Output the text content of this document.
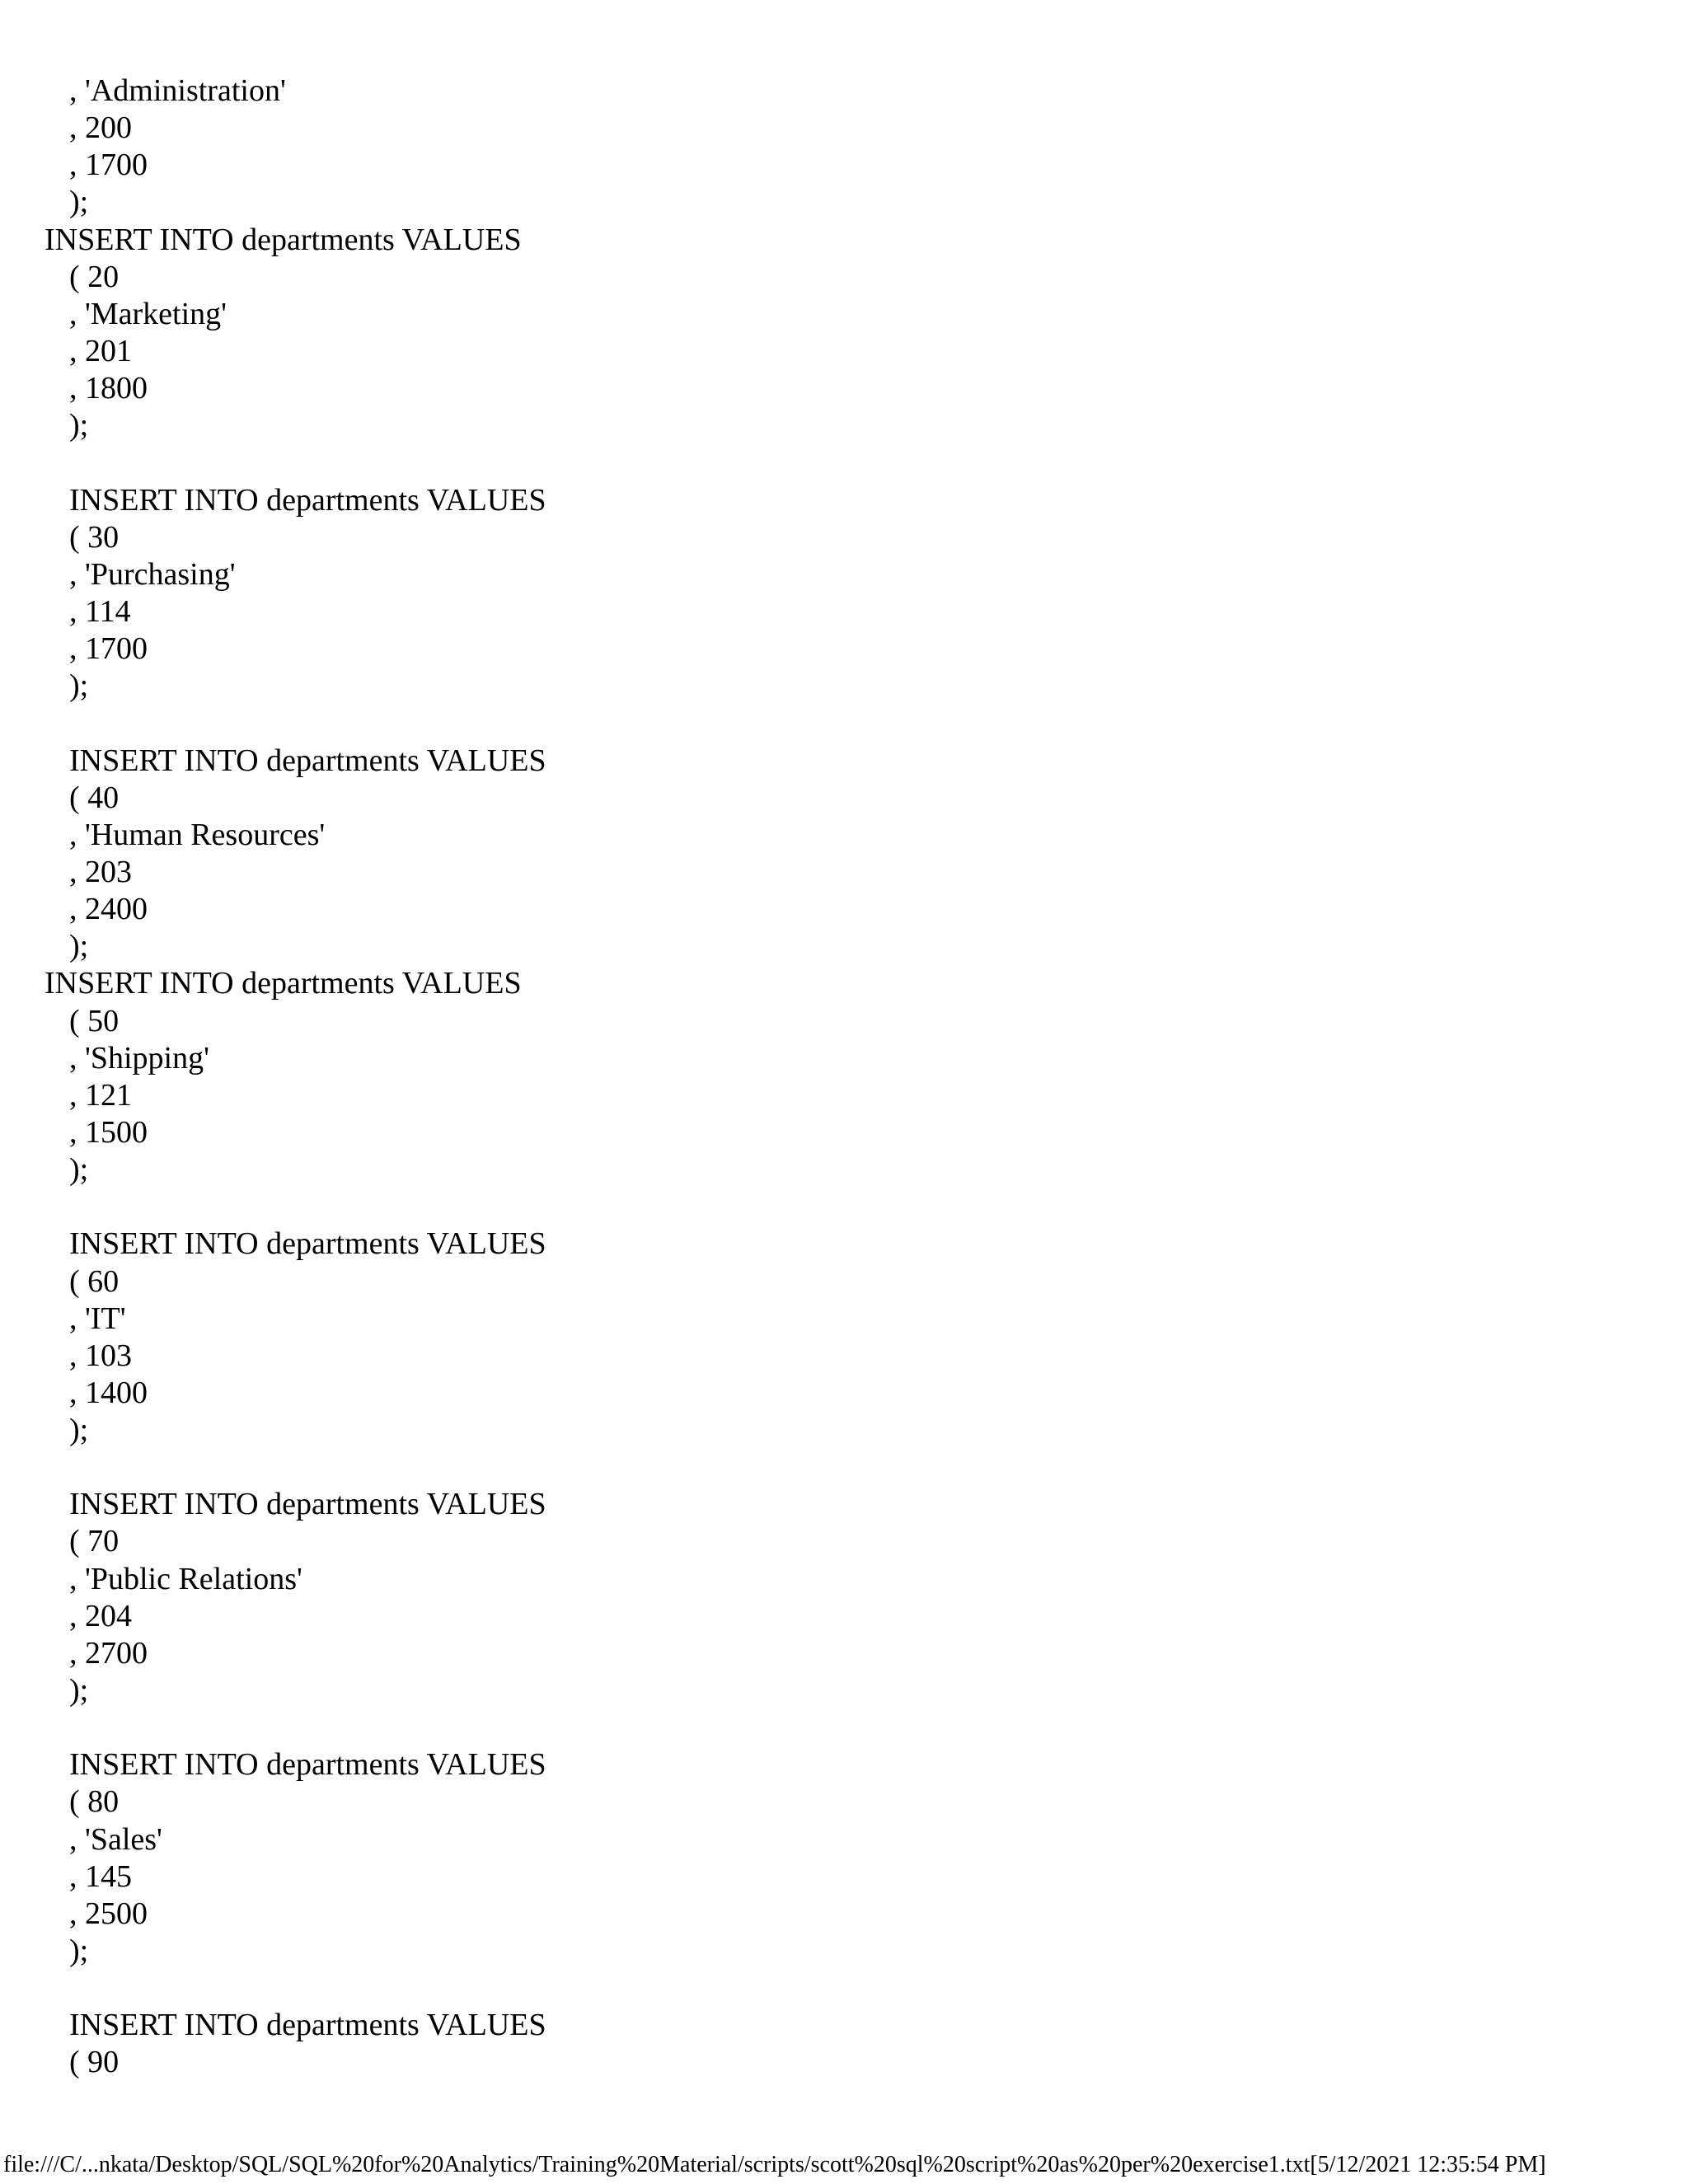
, 'Administration'
, 200
, 1700
);
INSERT INTO departments VALUES
( 20
, 'Marketing'
, 201
, 1800
);
INSERT INTO departments VALUES
( 30
, 'Purchasing'
, 114
, 1700
);
INSERT INTO departments VALUES
( 40
, 'Human Resources'
, 203
, 2400
);
INSERT INTO departments VALUES
( 50
, 'Shipping'
, 121
, 1500
);
INSERT INTO departments VALUES
( 60
, 'IT'
, 103
, 1400
);
INSERT INTO departments VALUES
( 70
, 'Public Relations'
, 204
, 2700
);
INSERT INTO departments VALUES
( 80
, 'Sales'
, 145
, 2500
);
INSERT INTO departments VALUES
( 90
file:///C/...nkata/Desktop/SQL/SQL%20for%20Analytics/Training%20Material/scripts/scott%20sql%20script%20as%20per%20exercise1.txt[5/12/2021 12:35:54 PM]
